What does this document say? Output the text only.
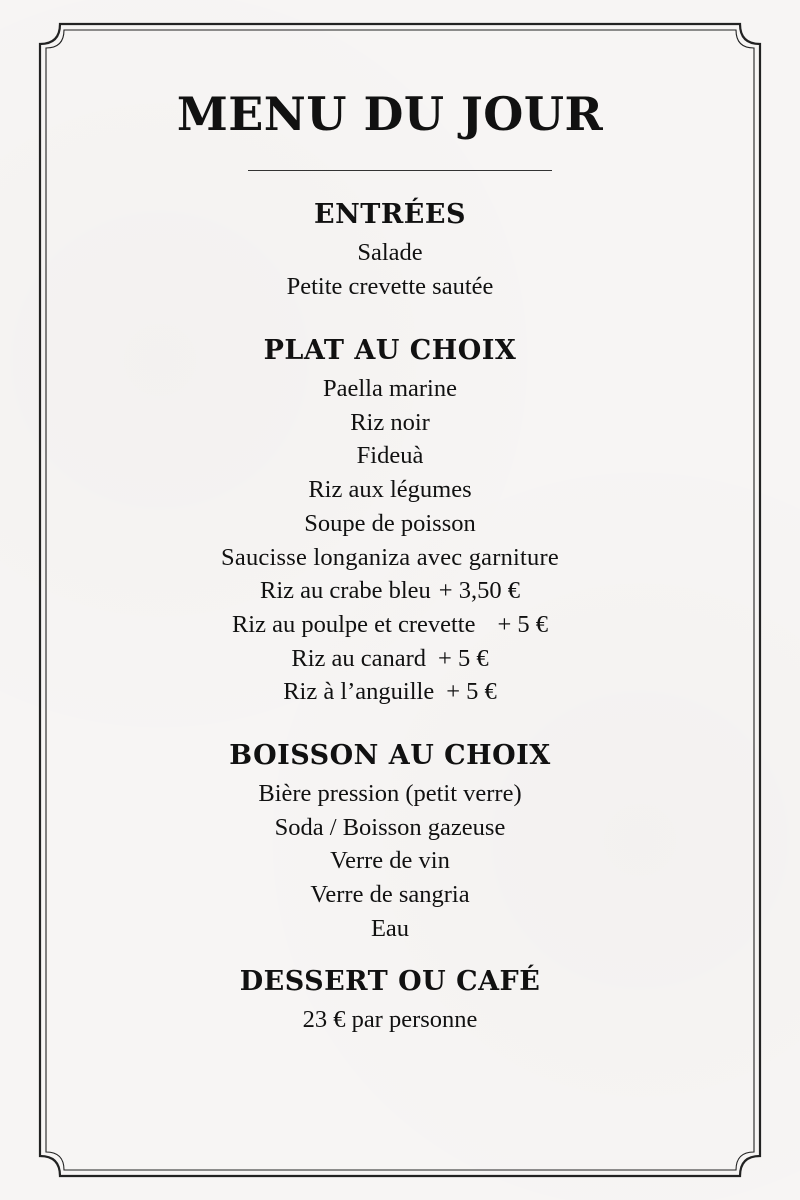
MENU DU JOUR
ENTRÉES
Salade
Petite crevette sautée
PLAT AU CHOIX
Paella marine
Riz noir
Fideuà
Riz aux légumes
Soupe de poisson
Saucisse longaniza avec garniture
Riz au crabe bleu + 3,50 €
Riz au poulpe et crevette + 5 €
Riz au canard + 5 €
Riz à l’anguille + 5 €
BOISSON AU CHOIX
Bière pression (petit verre)
Soda / Boisson gazeuse
Verre de vin
Verre de sangria
Eau
DESSERT OU CAFÉ
23 € par personne
